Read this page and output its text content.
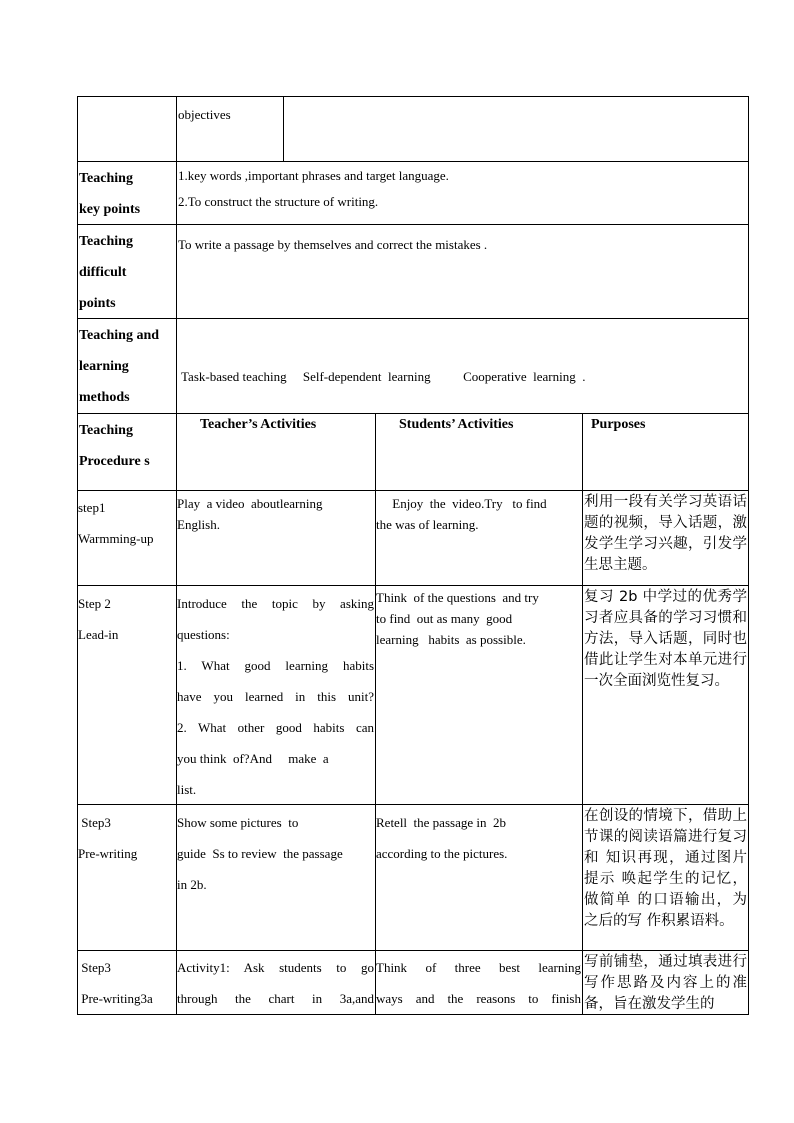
objectives
Teaching
key points
1.key words ,important phrases and target language.
2.To construct the structure of writing.
Teaching
difficult
points
To write a passage by themselves and correct the mistakes .
Teaching and
learning
methods

Task-based teaching     Self-dependent  learning          Cooperative  learning  .

Teaching
Procedure s
Teacher’s Activities	Students’ Activities	Purposes
step1
Warmming-up
Play  a video  aboutlearning
English.
Enjoy  the  video.Try   to find
the was of learning.
利用一段有关学习英语话题的视频，导入话题，激发学生学习兴趣，引发学生思主题。
Step 2
Lead-in
Introduce the topic by asking
questions:
1. What good learning habits
have you learned in this unit?
2. What other good habits can
you think  of?And     make  a
list.
Think  of the questions  and try
to find  out as many  good
learning   habits  as possible.
复习 2b 中学过的优秀学习者应具备的学习习惯和方法，导入话题，同时也借此让学生对本单元进行一次全面浏览性复习。
Step3
Pre-writing
Show some pictures  to
guide  Ss to review  the passage
in 2b.
Retell  the passage in  2b
according to the pictures.
在创设的情境下，借助上节课的阅读语篇进行复习和 知识再现，通过图片提示 唤起学生的记忆，做简单 的口语输出，为之后的写 作积累语料。
Step3
Pre-writing3a
Activity1: Ask students to go
through the chart in 3a,and
Think of three best learning
ways and the reasons to finish
写前铺垫，通过填表进行写作思路及内容上的准备，旨在激发学生的
